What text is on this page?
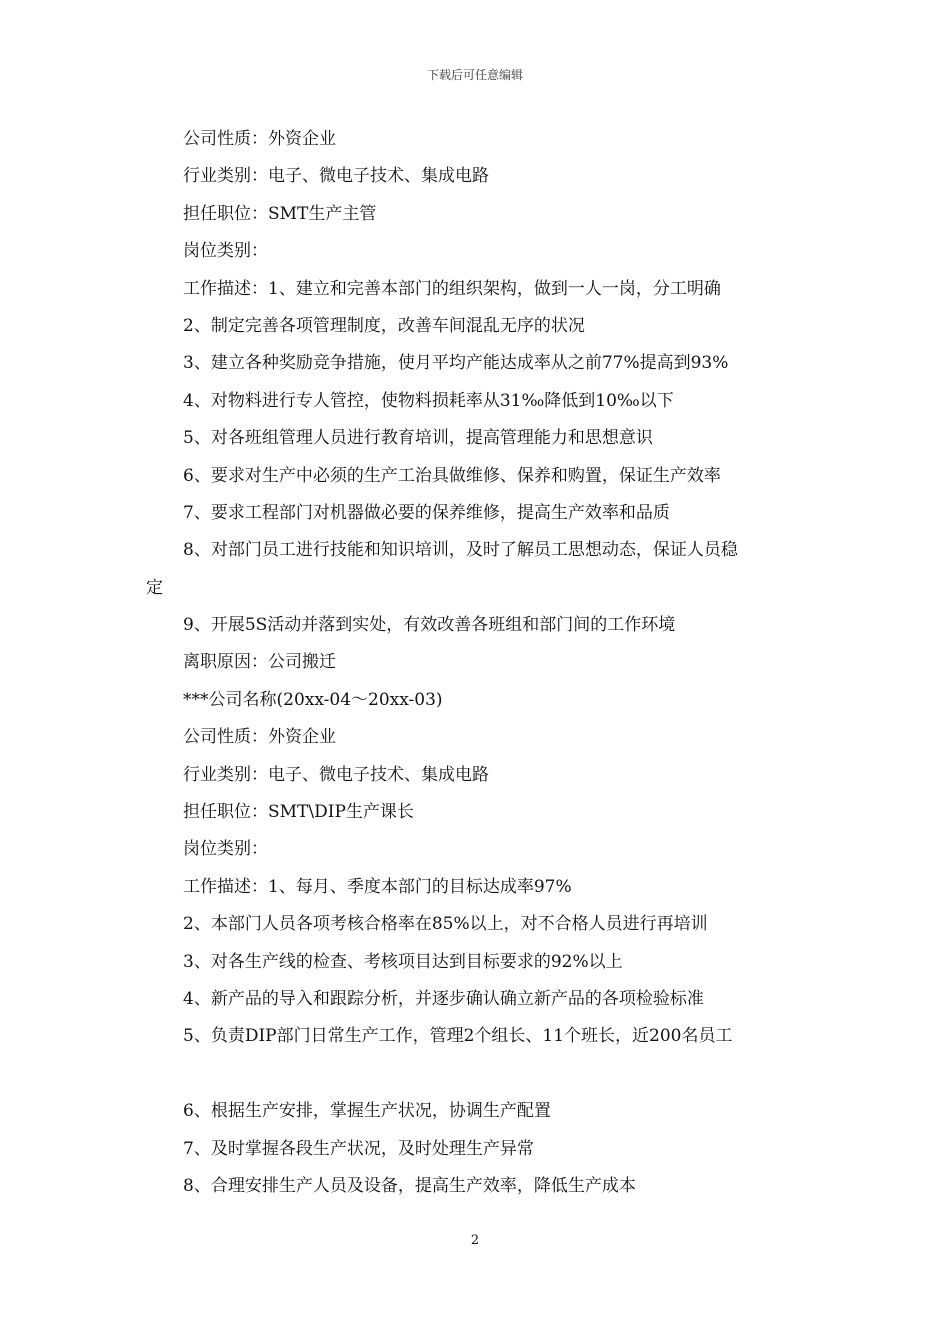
下载后可任意编辑
公司性质：外资企业
行业类别：电子、微电子技术、集成电路
担任职位：SMT生产主管
岗位类别：
工作描述：1、建立和完善本部门的组织架构，做到一人一岗，分工明确
2、制定完善各项管理制度，改善车间混乱无序的状况
3、建立各种奖励竞争措施，使月平均产能达成率从之前77%提高到93%
4、对物料进行专人管控，使物料损耗率从31‰降低到10‰以下
5、对各班组管理人员进行教育培训，提高管理能力和思想意识
6、要求对生产中必须的生产工治具做维修、保养和购置，保证生产效率
7、要求工程部门对机器做必要的保养维修，提高生产效率和品质
8、对部门员工进行技能和知识培训，及时了解员工思想动态，保证人员稳
定
9、开展5S活动并落到实处，有效改善各班组和部门间的工作环境
离职原因：公司搬迁
***公司名称(20xx-04～20xx-03)
公司性质：外资企业
行业类别：电子、微电子技术、集成电路
担任职位：SMT\DIP生产课长
岗位类别：
工作描述：1、每月、季度本部门的目标达成率97%
2、本部门人员各项考核合格率在85%以上，对不合格人员进行再培训
3、对各生产线的检查、考核项目达到目标要求的92%以上
4、新产品的导入和跟踪分析，并逐步确认确立新产品的各项检验标准
5、负责DIP部门日常生产工作，管理2个组长、11个班长，近200名员工
6、根据生产安排，掌握生产状况，协调生产配置
7、及时掌握各段生产状况，及时处理生产异常
8、合理安排生产人员及设备，提高生产效率，降低生产成本
2
